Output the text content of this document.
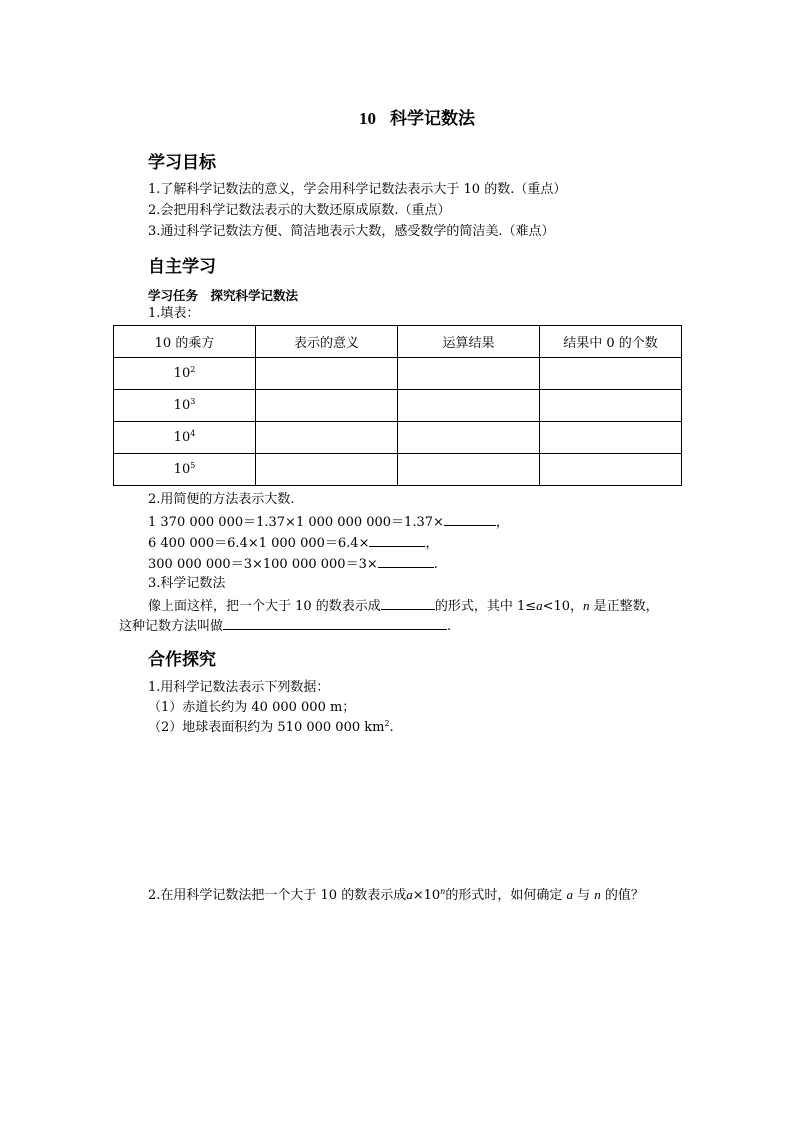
10 科学记数法
学习目标
1.了解科学记数法的意义，学会用科学记数法表示大于 10 的数.（重点）
2.会把用科学记数法表示的大数还原成原数.（重点）
3.通过科学记数法方便、简洁地表示大数，感受数学的简洁美.（难点）
自主学习
学习任务　探究科学记数法
1.填表：
10 的乘方	表示的意义	运算结果	结果中 0 的个数
$10^2$			
$10^3$			
$10^4$			
$10^5$			
2.用简便的方法表示大数.
1 370 000 000＝1.37×1 000 000 000＝1.37×	，
6 400 000＝6.4×1 000 000＝6.4×	，
300 000 000＝3×100 000 000＝3×	.
3.科学记数法
像上面这样，把一个大于 10 的数表示成	的形式，其中 1≤a<10，n 是正整数，
这种记数方法叫做	.
合作探究
1.用科学记数法表示下列数据：
（1）赤道长约为 40 000 000 m；
（2）地球表面积约为 510 000 000 $km^2$.
2.在用科学记数法把一个大于 10 的数表示成$a\times 10^n$的形式时，如何确定 a 与 n 的值？
